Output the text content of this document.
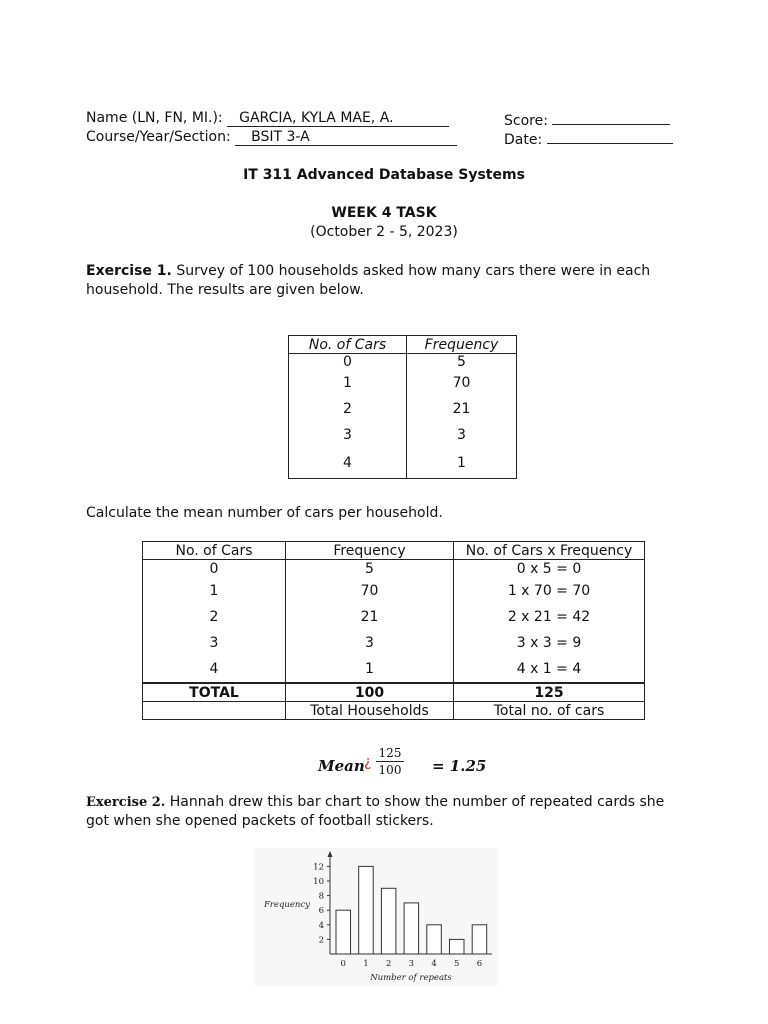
Name (LN, FN, MI.): GARCIA, KYLA MAE, A.
Course/Year/Section: BSIT 3-A
Score:
Date:
IT 311 Advanced Database Systems
WEEK 4 TASK
(October 2 - 5, 2023)
Exercise 1. Survey of 100 households asked how many cars there were in each household. The results are given below.
No. of Cars	Frequency
0	5
1	70
2	21
3	3
4	1
Calculate the mean number of cars per household.
No. of Cars	Frequency	No. of Cars x Frequency
0	5	0 x 5 = 0
1	70	1 x 70 = 70
2	21	2 x 21 = 42
3	3	3 x 3 = 9
4	1	4 x 1 = 4
TOTAL	100	125
	Total Households	Total no. of cars
Mean ¿ $\frac{125}{100} = 1.25$
Exercise 2. Hannah drew this bar chart to show the number of repeated cards she got when she opened packets of football stickers.
2
4
6
8
10
12
0 1 2 3 4 5 6
Frequency
Number of repeats
